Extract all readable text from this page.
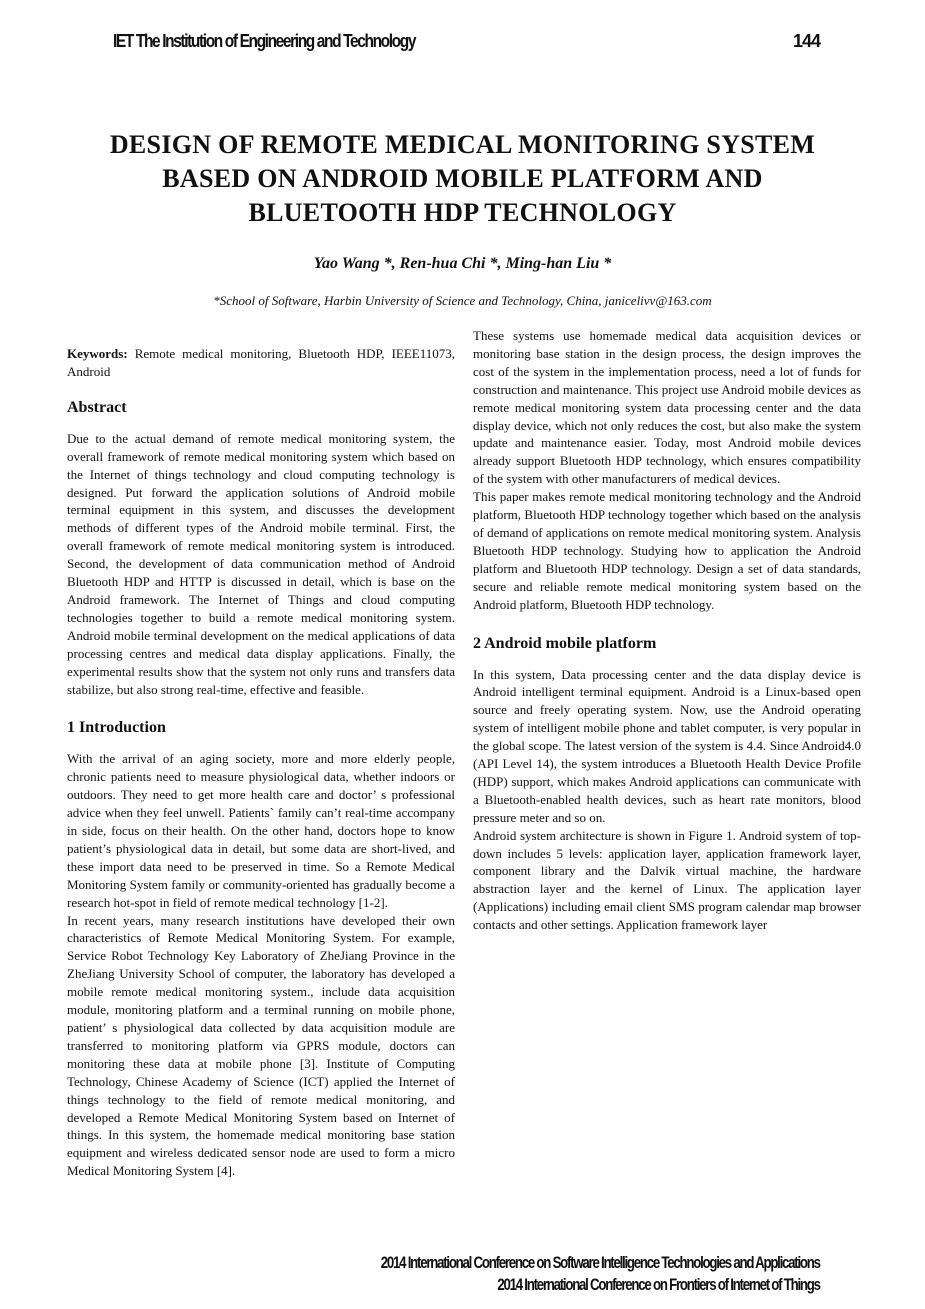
IET The Institution of Engineering and Technology	144
DESIGN OF REMOTE MEDICAL MONITORING SYSTEM
BASED ON ANDROID MOBILE PLATFORM AND
BLUETOOTH HDP TECHNOLOGY
Yao Wang *, Ren-hua Chi *, Ming-han Liu *
*School of Software, Harbin University of Science and Technology, China, janicelivv@163.com

Keywords: Remote medical monitoring, Bluetooth HDP, IEEE11073, Android

Abstract

Due to the actual demand of remote medical monitoring system, the overall framework of remote medical monitoring system which based on the Internet of things technology and cloud computing technology is designed. Put forward the application solutions of Android mobile terminal equipment in this system, and discusses the development methods of different types of the Android mobile terminal. First, the overall framework of remote medical monitoring system is introduced. Second, the development of data communication method of Android Bluetooth HDP and HTTP is discussed in detail, which is base on the Android framework. The Internet of Things and cloud computing technologies together to build a remote medical monitoring system. Android mobile terminal development on the medical applications of data processing centres and medical data display applications. Finally, the experimental results show that the system not only runs and transfers data stabilize, but also strong real-time, effective and feasible.

1 Introduction

With the arrival of an aging society, more and more elderly people, chronic patients need to measure physiological data, whether indoors or outdoors. They need to get more health care and doctor’ s professional advice when they feel unwell. Patients` family can’t real-time accompany in side, focus on their health. On the other hand, doctors hope to know patient’s physiological data in detail, but some data are short-lived, and these import data need to be preserved in time. So a Remote Medical Monitoring System family or community-oriented has gradually become a research hot-spot in field of remote medical technology [1-2].

In recent years, many research institutions have developed their own characteristics of Remote Medical Monitoring System. For example, Service Robot Technology Key Laboratory of ZheJiang Province in the ZheJiang University School of computer, the laboratory has developed a mobile remote medical monitoring system., include data acquisition module, monitoring platform and a terminal running on mobile phone, patient’ s physiological data collected by data acquisition module are transferred to monitoring platform via GPRS module, doctors can monitoring these data at mobile phone [3]. Institute of Computing Technology, Chinese Academy of Science (ICT) applied the Internet of things technology to the field of remote medical monitoring, and developed a Remote Medical Monitoring System based on Internet of things. In this system, the homemade medical monitoring base station equipment and wireless dedicated sensor node are used to form a micro Medical Monitoring System [4].

These systems use homemade medical data acquisition devices or monitoring base station in the design process, the design improves the cost of the system in the implementation process, need a lot of funds for construction and maintenance. This project use Android mobile devices as remote medical monitoring system data processing center and the data display device, which not only reduces the cost, but also make the system update and maintenance easier. Today, most Android mobile devices already support Bluetooth HDP technology, which ensures compatibility of the system with other manufacturers of medical devices.

This paper makes remote medical monitoring technology and the Android platform, Bluetooth HDP technology together which based on the analysis of demand of applications on remote medical monitoring system. Analysis Bluetooth HDP technology. Studying how to application the Android platform and Bluetooth HDP technology. Design a set of data standards, secure and reliable remote medical monitoring system based on the Android platform, Bluetooth HDP technology.

2 Android mobile platform

In this system, Data processing center and the data display device is Android intelligent terminal equipment. Android is a Linux-based open source and freely operating system. Now, use the Android operating system of intelligent mobile phone and tablet computer, is very popular in the global scope. The latest version of the system is 4.4. Since Android4.0 (API Level 14), the system introduces a Bluetooth Health Device Profile (HDP) support, which makes Android applications can communicate with a Bluetooth-enabled health devices, such as heart rate monitors, blood pressure meter and so on.

Android system architecture is shown in Figure 1. Android system of top-down includes 5 levels: application layer, application framework layer, component library and the Dalvik virtual machine, the hardware abstraction layer and the kernel of Linux. The application layer (Applications) including email client SMS program calendar map browser contacts and other settings. Application framework layer

2014 International Conference on Software Intelligence Technologies and Applications
2014 International Conference on Frontiers of Internet of Things
